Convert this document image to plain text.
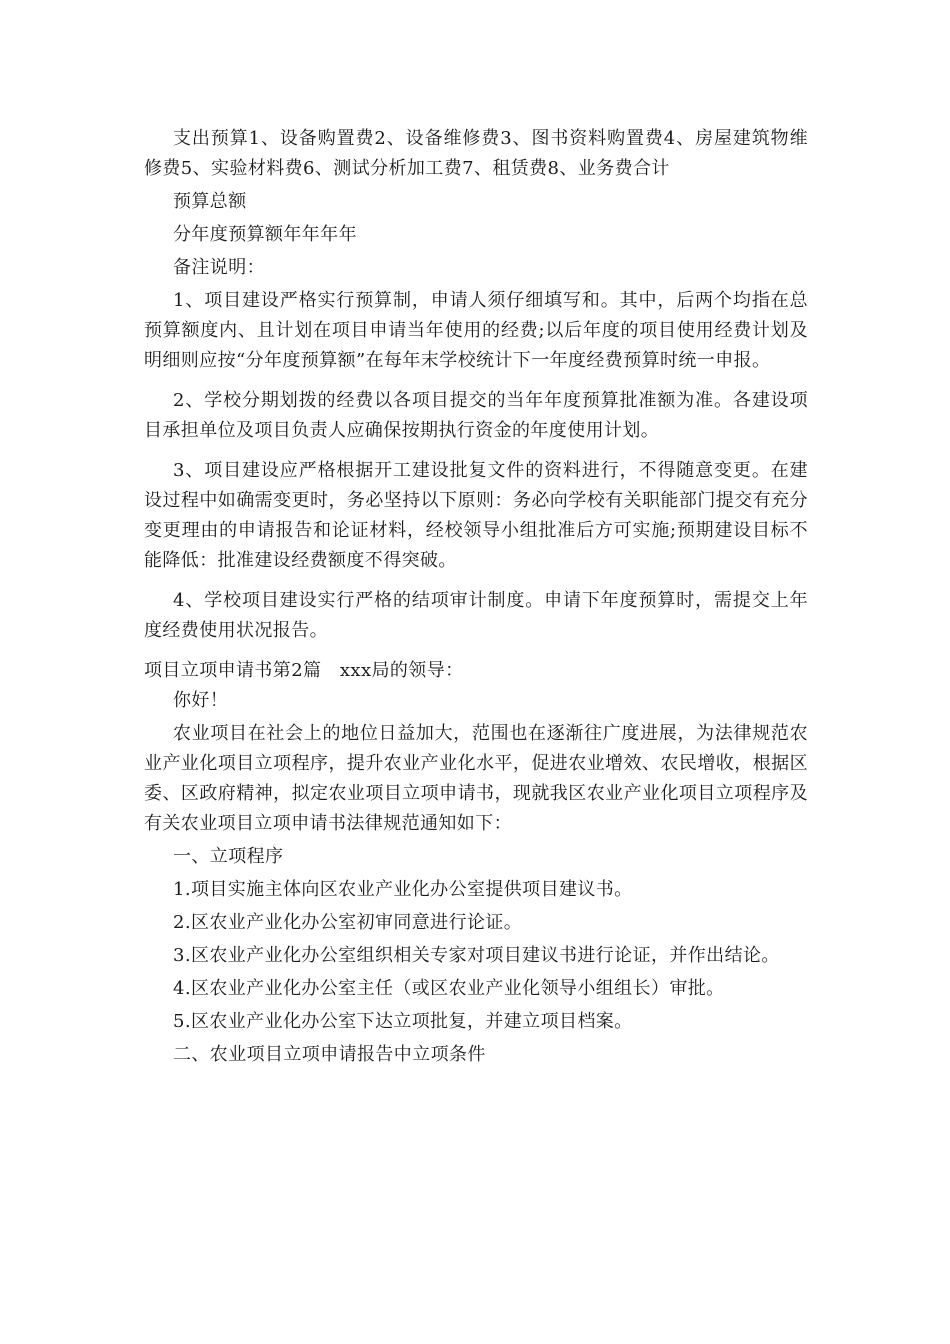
支出预算1、设备购置费2、设备维修费3、图书资料购置费4、房屋建筑物维修费5、实验材料费6、测试分析加工费7、租赁费8、业务费合计

预算总额

分年度预算额年年年年

备注说明：

1、项目建设严格实行预算制，申请人须仔细填写和。其中，后两个均指在总预算额度内、且计划在项目申请当年使用的经费;以后年度的项目使用经费计划及明细则应按“分年度预算额”在每年末学校统计下一年度经费预算时统一申报。

2、学校分期划拨的经费以各项目提交的当年年度预算批准额为准。各建设项目承担单位及项目负责人应确保按期执行资金的年度使用计划。

3、项目建设应严格根据开工建设批复文件的资料进行，不得随意变更。在建设过程中如确需变更时，务必坚持以下原则：务必向学校有关职能部门提交有充分变更理由的申请报告和论证材料，经校领导小组批准后方可实施;预期建设目标不能降低：批准建设经费额度不得突破。

4、学校项目建设实行严格的结项审计制度。申请下年度预算时，需提交上年度经费使用状况报告。

项目立项申请书第2篇　xxx局的领导：

你好！

农业项目在社会上的地位日益加大，范围也在逐渐往广度进展，为法律规范农业产业化项目立项程序，提升农业产业化水平，促进农业增效、农民增收，根据区委、区政府精神，拟定农业项目立项申请书，现就我区农业产业化项目立项程序及有关农业项目立项申请书法律规范通知如下：

一、立项程序

1.项目实施主体向区农业产业化办公室提供项目建议书。

2.区农业产业化办公室初审同意进行论证。

3.区农业产业化办公室组织相关专家对项目建议书进行论证，并作出结论。

4.区农业产业化办公室主任（或区农业产业化领导小组组长）审批。

5.区农业产业化办公室下达立项批复，并建立项目档案。

二、农业项目立项申请报告中立项条件
